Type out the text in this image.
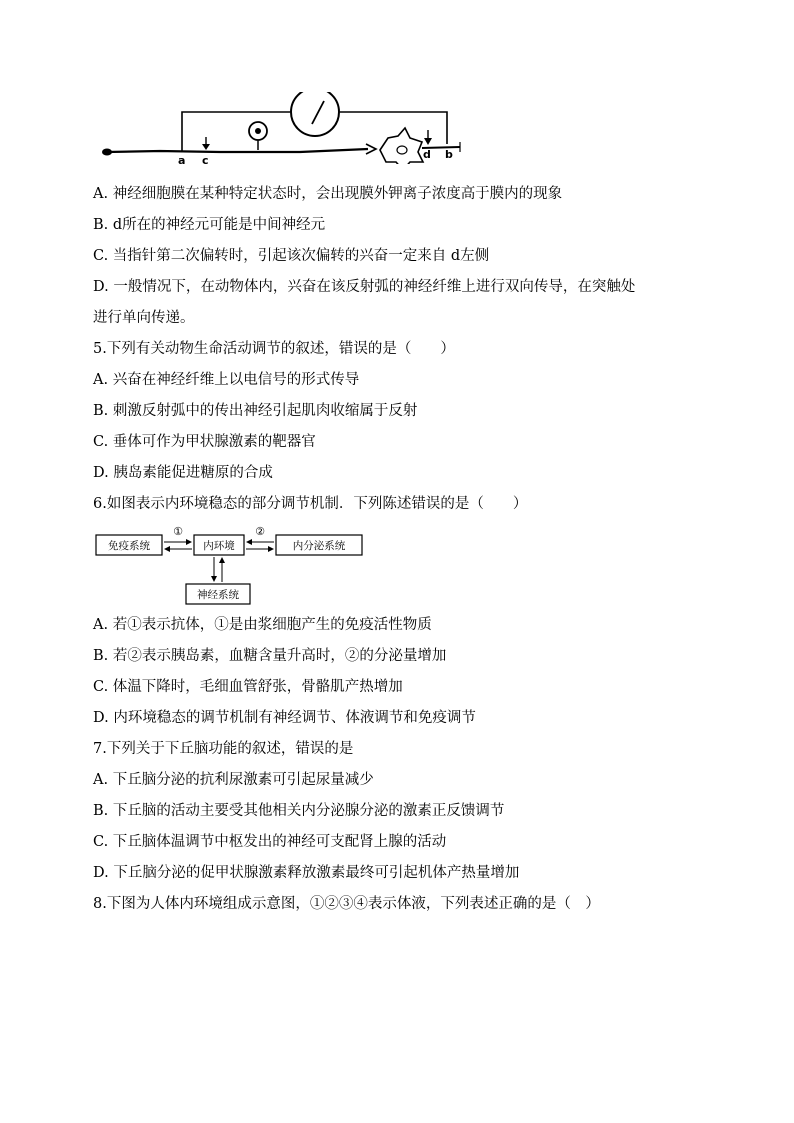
a c	d b
A. 神经细胞膜在某种特定状态时，会出现膜外钾离子浓度高于膜内的现象
B. d所在的神经元可能是中间神经元
C. 当指针第二次偏转时，引起该次偏转的兴奋一定来自 d左侧
D. 一般情况下，在动物体内，兴奋在该反射弧的神经纤维上进行双向传导，在突触处
进行单向传递。
5.下列有关动物生命活动调节的叙述，错误的是（　　）
A. 兴奋在神经纤维上以电信号的形式传导
B. 刺激反射弧中的传出神经引起肌肉收缩属于反射
C. 垂体可作为甲状腺激素的靶器官
D. 胰岛素能促进糖原的合成
6.如图表示内环境稳态的部分调节机制．下列陈述错误的是（　　）
免疫系统	内环境	内分泌系统
神经系统
①	②
A. 若①表示抗体，①是由浆细胞产生的免疫活性物质
B. 若②表示胰岛素，血糖含量升高时，②的分泌量增加
C. 体温下降时，毛细血管舒张，骨骼肌产热增加
D. 内环境稳态的调节机制有神经调节、体液调节和免疫调节
7.下列关于下丘脑功能的叙述，错误的是
A. 下丘脑分泌的抗利尿激素可引起尿量减少
B. 下丘脑的活动主要受其他相关内分泌腺分泌的激素正反馈调节
C. 下丘脑体温调节中枢发出的神经可支配肾上腺的活动
D. 下丘脑分泌的促甲状腺激素释放激素最终可引起机体产热量增加
8.下图为人体内环境组成示意图，①②③④表示体液，下列表述正确的是（　）
